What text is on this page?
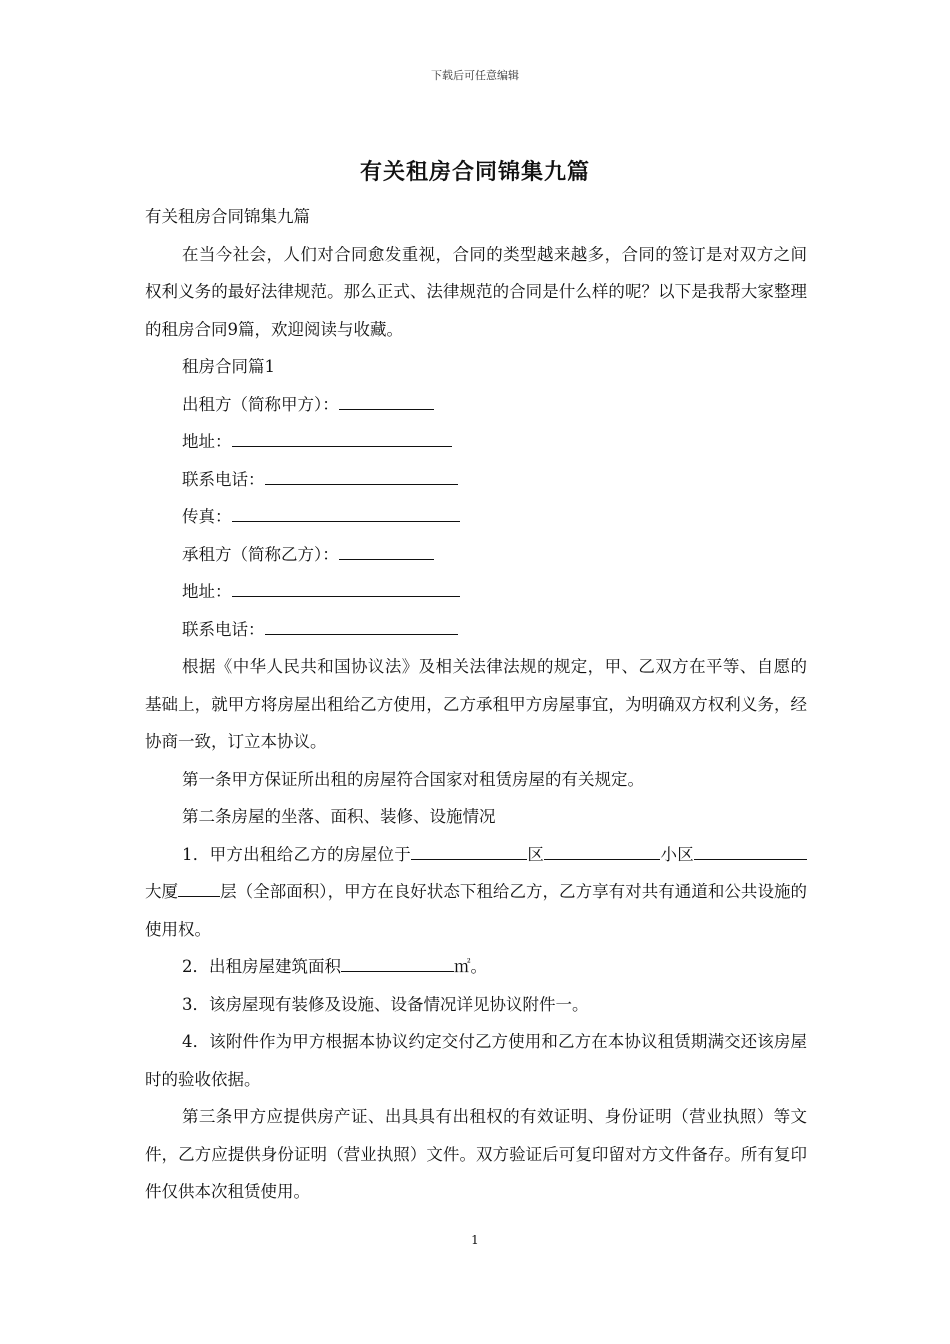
下载后可任意编辑
有关租房合同锦集九篇

有关租房合同锦集九篇

在当今社会，人们对合同愈发重视，合同的类型越来越多，合同的签订是对双方之间权利义务的最好法律规范。那么正式、法律规范的合同是什么样的呢？以下是我帮大家整理的租房合同9篇，欢迎阅读与收藏。

租房合同篇1

出租方（简称甲方）：

地址：

联系电话：

传真：

承租方（简称乙方）：

地址：

联系电话：

根据《中华人民共和国协议法》及相关法律法规的规定，甲、乙双方在平等、自愿的基础上，就甲方将房屋出租给乙方使用，乙方承租甲方房屋事宜，为明确双方权利义务，经协商一致，订立本协议。

第一条甲方保证所出租的房屋符合国家对租赁房屋的有关规定。

第二条房屋的坐落、面积、装修、设施情况

1．甲方出租给乙方的房屋位于	区	小区大厦	层（全部面积），甲方在良好状态下租给乙方，乙方享有对共有通道和公共设施的使用权。

2．出租房屋建筑面积	㎡。

3．该房屋现有装修及设施、设备情况详见协议附件一。

4．该附件作为甲方根据本协议约定交付乙方使用和乙方在本协议租赁期满交还该房屋时的验收依据。

第三条甲方应提供房产证、出具具有出租权的有效证明、身份证明（营业执照）等文件，乙方应提供身份证明（营业执照）文件。双方验证后可复印留对方文件备存。所有复印件仅供本次租赁使用。

1
